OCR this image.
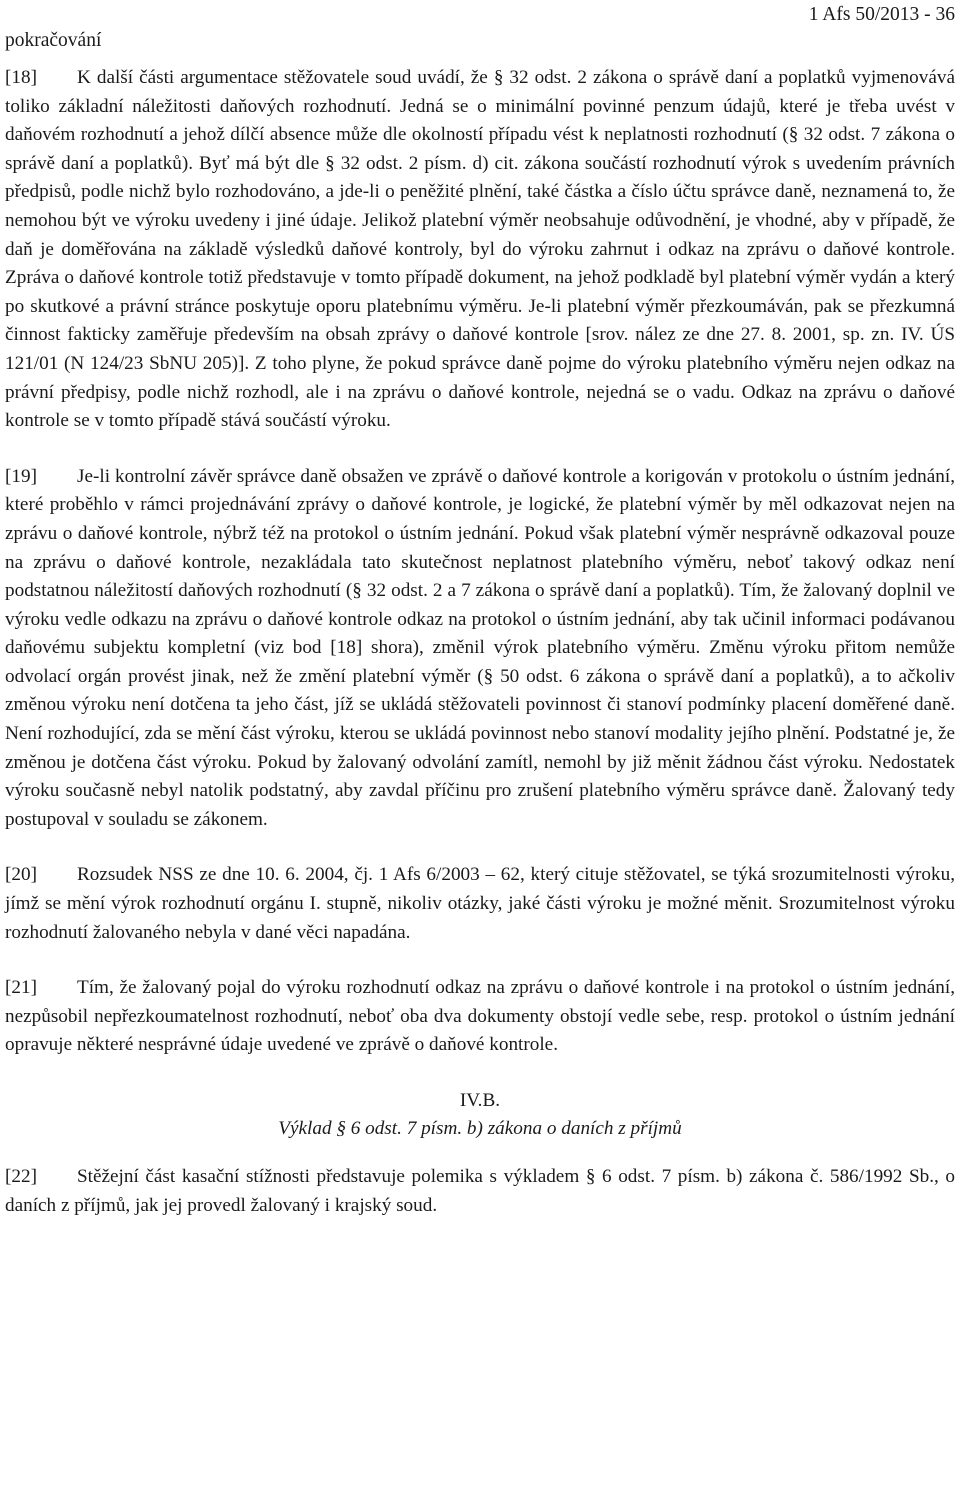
pokračování
1 Afs 50/2013 - 36

[18] K další části argumentace stěžovatele soud uvádí, že § 32 odst. 2 zákona o správě daní a poplatků vyjmenovává toliko základní náležitosti daňových rozhodnutí. Jedná se o minimální povinné penzum údajů, které je třeba uvést v daňovém rozhodnutí a jehož dílčí absence může dle okolností případu vést k neplatnosti rozhodnutí (§ 32 odst. 7 zákona o správě daní a poplatků). Byť má být dle § 32 odst. 2 písm. d) cit. zákona součástí rozhodnutí výrok s uvedením právních předpisů, podle nichž bylo rozhodováno, a jde-li o peněžité plnění, také částka a číslo účtu správce daně, neznamená to, že nemohou být ve výroku uvedeny i jiné údaje. Jelikož platební výměr neobsahuje odůvodnění, je vhodné, aby v případě, že daň je doměřována na základě výsledků daňové kontroly, byl do výroku zahrnut i odkaz na zprávu o daňové kontrole. Zpráva o daňové kontrole totiž představuje v tomto případě dokument, na jehož podkladě byl platební výměr vydán a který po skutkové a právní stránce poskytuje oporu platebnímu výměru. Je-li platební výměr přezkoumáván, pak se přezkumná činnost fakticky zaměřuje především na obsah zprávy o daňové kontrole [srov. nález ze dne 27. 8. 2001, sp. zn. IV. ÚS 121/01 (N 124/23 SbNU 205)]. Z toho plyne, že pokud správce daně pojme do výroku platebního výměru nejen odkaz na právní předpisy, podle nichž rozhodl, ale i na zprávu o daňové kontrole, nejedná se o vadu. Odkaz na zprávu o daňové kontrole se v tomto případě stává součástí výroku.

[19] Je-li kontrolní závěr správce daně obsažen ve zprávě o daňové kontrole a korigován v protokolu o ústním jednání, které proběhlo v rámci projednávání zprávy o daňové kontrole, je logické, že platební výměr by měl odkazovat nejen na zprávu o daňové kontrole, nýbrž též na protokol o ústním jednání. Pokud však platební výměr nesprávně odkazoval pouze na zprávu o daňové kontrole, nezakládala tato skutečnost neplatnost platebního výměru, neboť takový odkaz není podstatnou náležitostí daňových rozhodnutí (§ 32 odst. 2 a 7 zákona o správě daní a poplatků). Tím, že žalovaný doplnil ve výroku vedle odkazu na zprávu o daňové kontrole odkaz na protokol o ústním jednání, aby tak učinil informaci podávanou daňovému subjektu kompletní (viz bod [18] shora), změnil výrok platebního výměru. Změnu výroku přitom nemůže odvolací orgán provést jinak, než že změní platební výměr (§ 50 odst. 6 zákona o správě daní a poplatků), a to ačkoliv změnou výroku není dotčena ta jeho část, jíž se ukládá stěžovateli povinnost či stanoví podmínky placení doměřené daně. Není rozhodující, zda se mění část výroku, kterou se ukládá povinnost nebo stanoví modality jejího plnění. Podstatné je, že změnou je dotčena část výroku. Pokud by žalovaný odvolání zamítl, nemohl by již měnit žádnou část výroku. Nedostatek výroku současně nebyl natolik podstatný, aby zavdal příčinu pro zrušení platebního výměru správce daně. Žalovaný tedy postupoval v souladu se zákonem.

[20] Rozsudek NSS ze dne 10. 6. 2004, čj. 1 Afs 6/2003 – 62, který cituje stěžovatel, se týká srozumitelnosti výroku, jímž se mění výrok rozhodnutí orgánu I. stupně, nikoliv otázky, jaké části výroku je možné měnit. Srozumitelnost výroku rozhodnutí žalovaného nebyla v dané věci napadána.

[21] Tím, že žalovaný pojal do výroku rozhodnutí odkaz na zprávu o daňové kontrole i na protokol o ústním jednání, nezpůsobil nepřezkoumatelnost rozhodnutí, neboť oba dva dokumenty obstojí vedle sebe, resp. protokol o ústním jednání opravuje některé nesprávné údaje uvedené ve zprávě o daňové kontrole.

IV.B.
Výklad § 6 odst. 7 písm. b) zákona o daních z příjmů

[22] Stěžejní část kasační stížnosti představuje polemika s výkladem § 6 odst. 7 písm. b) zákona č. 586/1992 Sb., o daních z příjmů, jak jej provedl žalovaný i krajský soud.
